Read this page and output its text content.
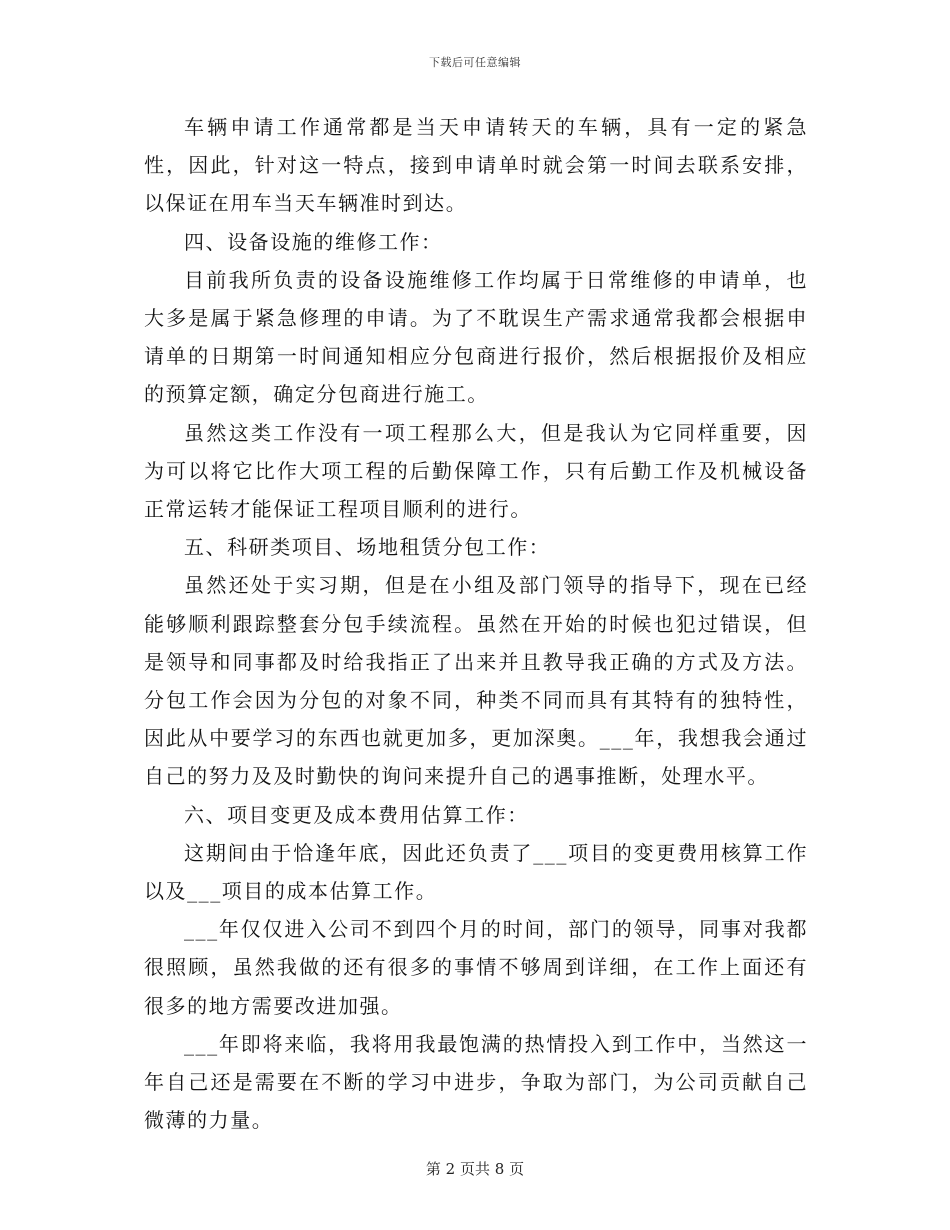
下载后可任意编辑

车辆申请工作通常都是当天申请转天的车辆，具有一定的紧急性，因此，针对这一特点，接到申请单时就会第一时间去联系安排，以保证在用车当天车辆准时到达。

四、设备设施的维修工作：

目前我所负责的设备设施维修工作均属于日常维修的申请单，也大多是属于紧急修理的申请。为了不耽误生产需求通常我都会根据申请单的日期第一时间通知相应分包商进行报价，然后根据报价及相应的预算定额，确定分包商进行施工。

虽然这类工作没有一项工程那么大，但是我认为它同样重要，因为可以将它比作大项工程的后勤保障工作，只有后勤工作及机械设备正常运转才能保证工程项目顺利的进行。

五、科研类项目、场地租赁分包工作：

虽然还处于实习期，但是在小组及部门领导的指导下，现在已经能够顺利跟踪整套分包手续流程。虽然在开始的时候也犯过错误，但是领导和同事都及时给我指正了出来并且教导我正确的方式及方法。分包工作会因为分包的对象不同，种类不同而具有其特有的独特性，因此从中要学习的东西也就更加多，更加深奥。___年，我想我会通过自己的努力及及时勤快的询问来提升自己的遇事推断，处理水平。

六、项目变更及成本费用估算工作：

这期间由于恰逢年底，因此还负责了___项目的变更费用核算工作以及___项目的成本估算工作。

___年仅仅进入公司不到四个月的时间，部门的领导，同事对我都很照顾，虽然我做的还有很多的事情不够周到详细，在工作上面还有很多的地方需要改进加强。

___年即将来临，我将用我最饱满的热情投入到工作中，当然这一年自己还是需要在不断的学习中进步，争取为部门，为公司贡献自己微薄的力量。

第 2 页共 8 页
